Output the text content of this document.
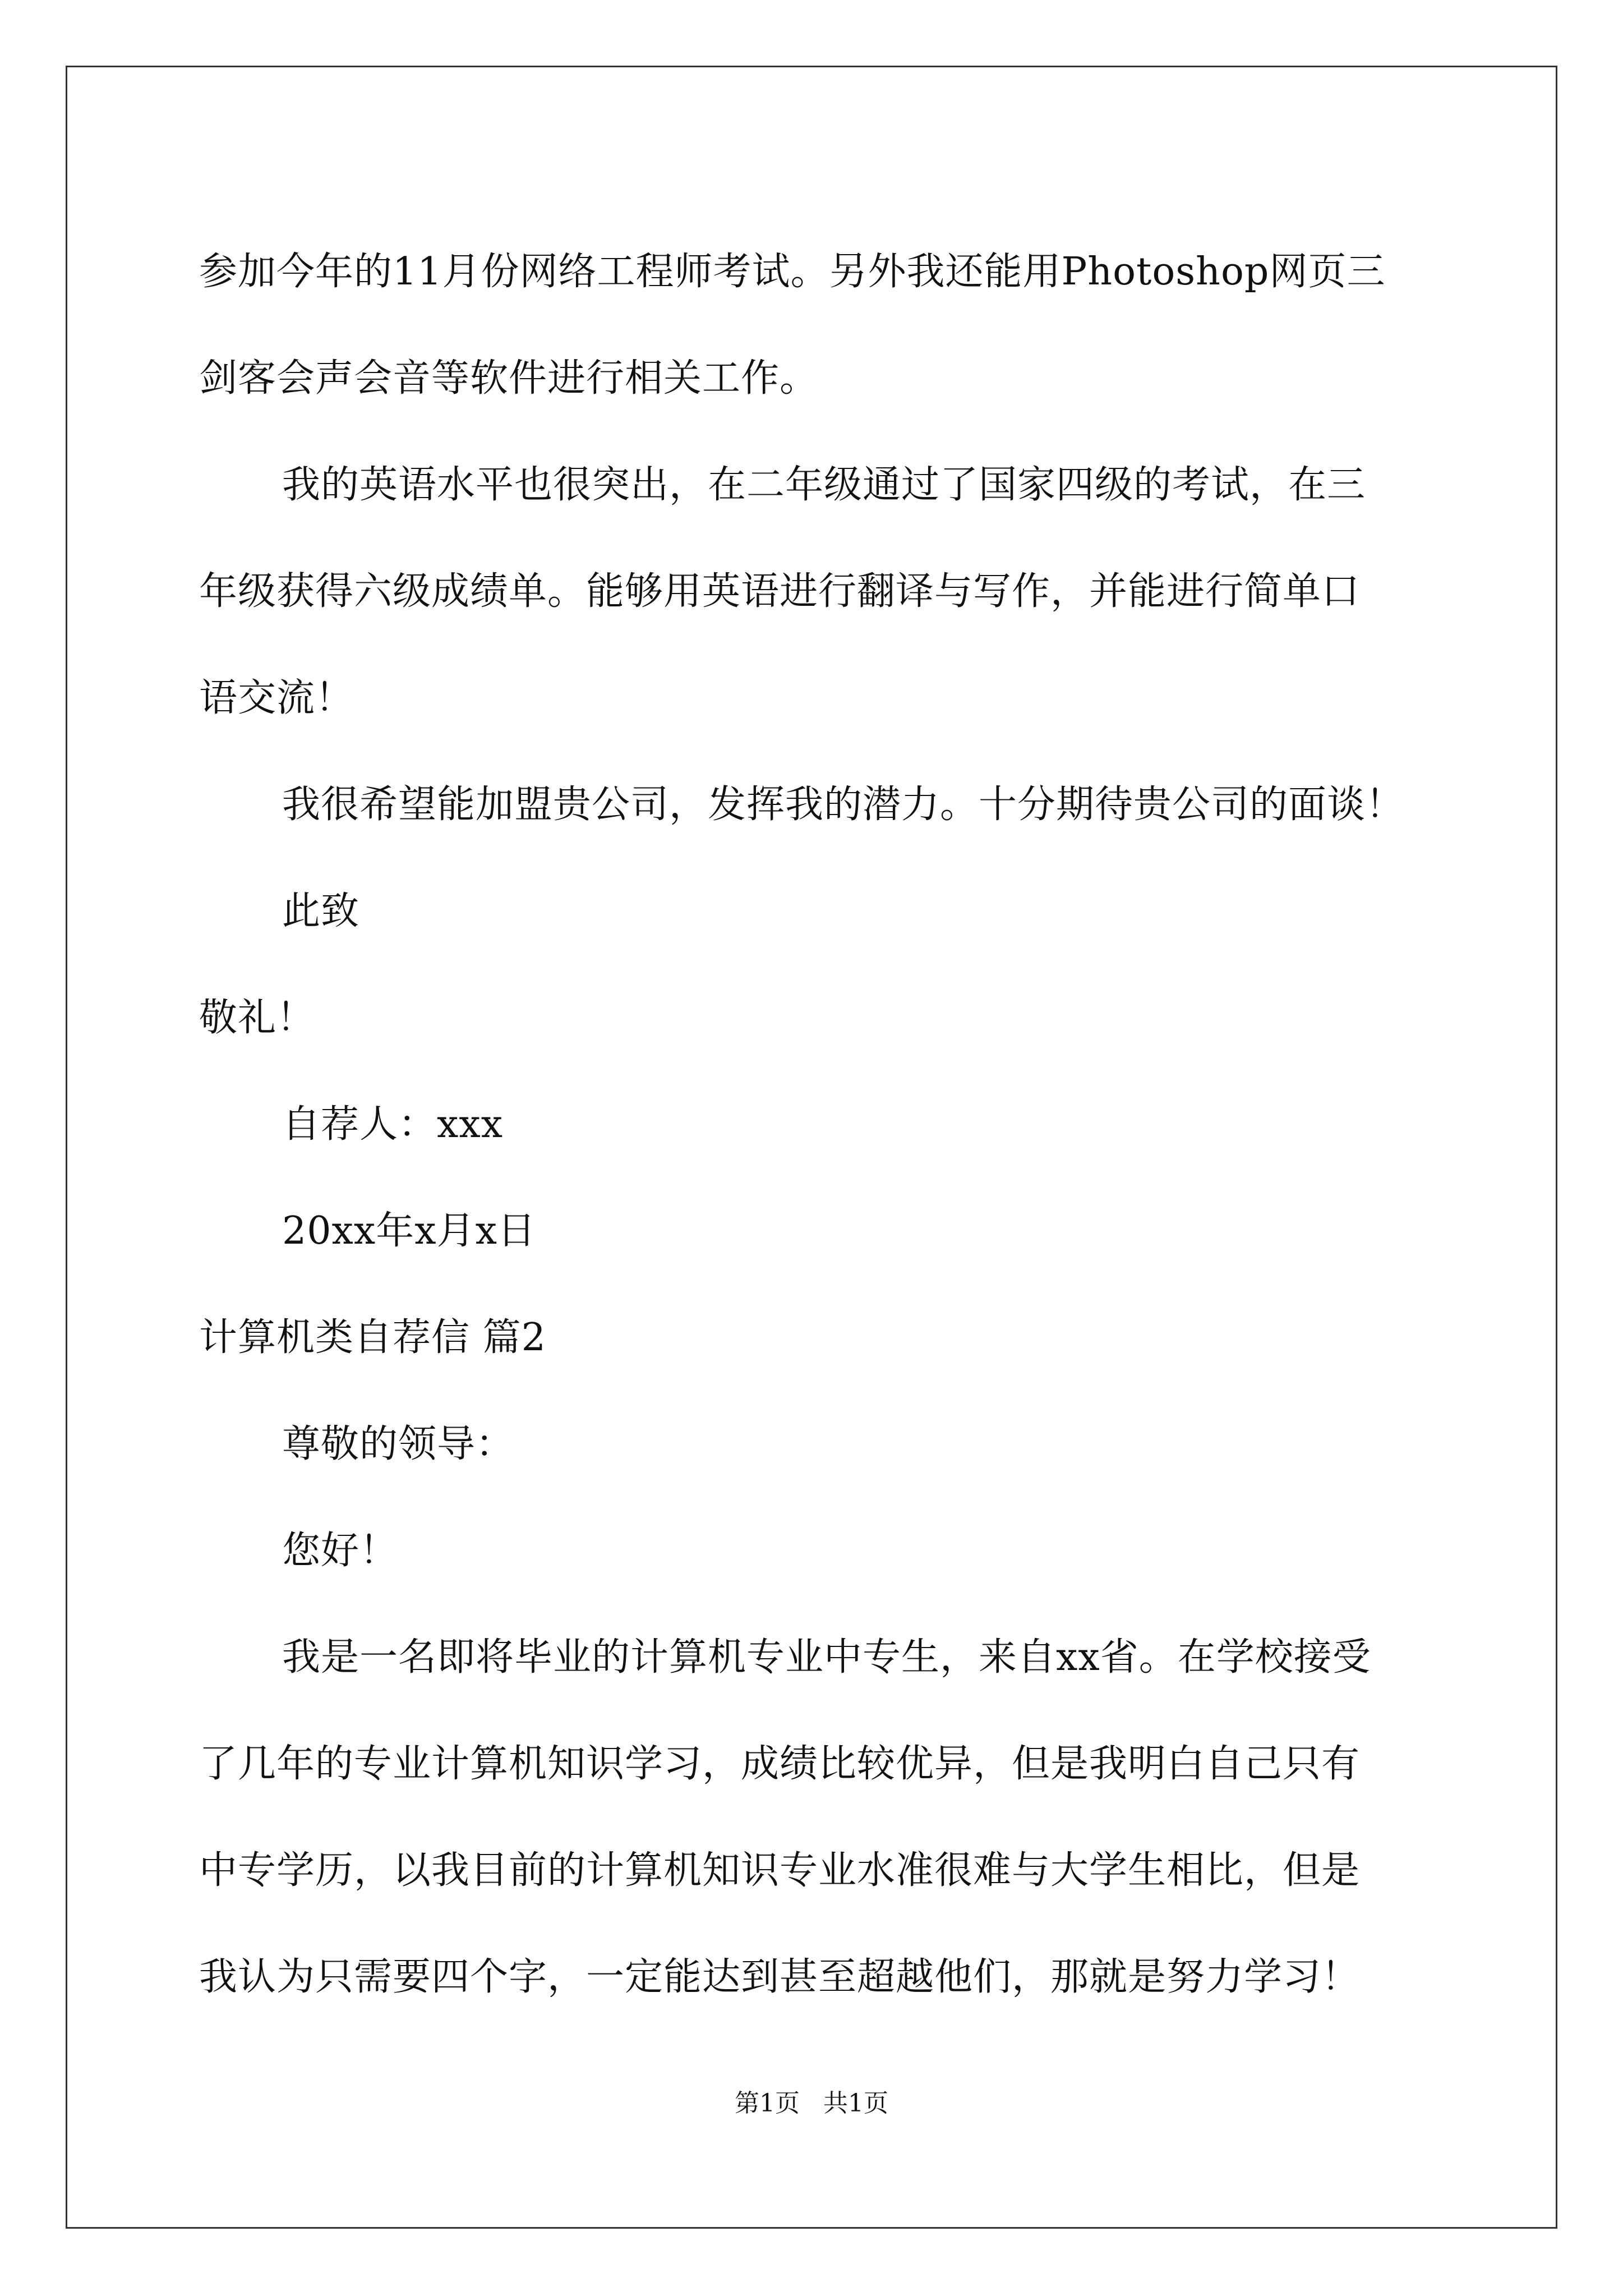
参加今年的11月份网络工程师考试。另外我还能用Photoshop网页三
剑客会声会音等软件进行相关工作。
我的英语水平也很突出，在二年级通过了国家四级的考试，在三
年级获得六级成绩单。能够用英语进行翻译与写作，并能进行简单口
语交流！
我很希望能加盟贵公司，发挥我的潜力。十分期待贵公司的面谈！
此致
敬礼！
自荐人：xxx
20xx年x月x日
计算机类自荐信 篇2
尊敬的领导：
您好！
我是一名即将毕业的计算机专业中专生，来自xx省。在学校接受
了几年的专业计算机知识学习，成绩比较优异，但是我明白自己只有
中专学历，以我目前的计算机知识专业水准很难与大学生相比，但是
我认为只需要四个字，一定能达到甚至超越他们，那就是努力学习！
第1页   共1页
